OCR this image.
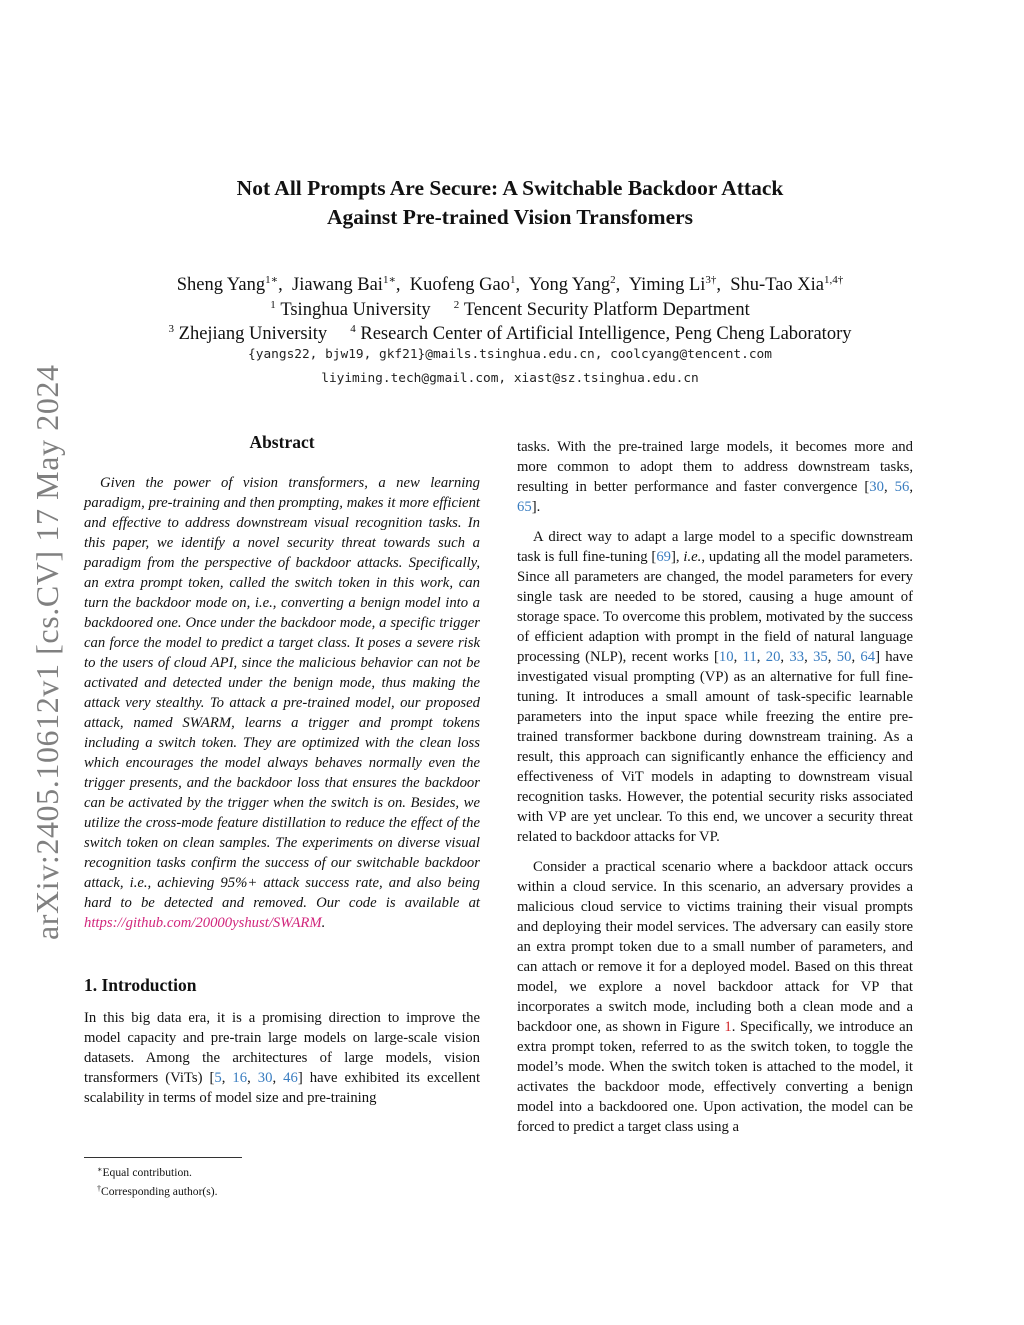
arXiv:2405.10612v1 [cs.CV] 17 May 2024
Not All Prompts Are Secure: A Switchable Backdoor Attack
Against Pre-trained Vision Transfomers
Sheng Yang$^{1∗}$,  Jiawang Bai$^{1∗}$,  Kuofeng Gao$^1$,  Yong Yang$^2$,  Yiming $Li^{3\dagger}$,  Shu-Tao Xia$^{1,4\dagger}$
$^1$ Tsinghua University $^2$ Tencent Security Platform Department
$^3$ Zhejiang University $^4$ Research Center of Artificial Intelligence, Peng Cheng Laboratory
{yangs22, bjw19, gkf21}@mails.tsinghua.edu.cn, coolcyang@tencent.com
liyiming.tech@gmail.com, xiast@sz.tsinghua.edu.cn
Abstract

Given the power of vision transformers, a new learning paradigm, pre-training and then prompting, makes it more efficient and effective to address downstream visual recognition tasks. In this paper, we identify a novel security threat towards such a paradigm from the perspective of backdoor attacks. Specifically, an extra prompt token, called the switch token in this work, can turn the backdoor mode on, i.e., converting a benign model into a backdoored one. Once under the backdoor mode, a specific trigger can force the model to predict a target class. It poses a severe risk to the users of cloud API, since the malicious behavior can not be activated and detected under the benign mode, thus making the attack very stealthy. To attack a pre-trained model, our proposed attack, named SWARM, learns a trigger and prompt tokens including a switch token. They are optimized with the clean loss which encourages the model always behaves normally even the trigger presents, and the backdoor loss that ensures the backdoor can be activated by the trigger when the switch is on. Besides, we utilize the cross-mode feature distillation to reduce the effect of the switch token on clean samples. The experiments on diverse visual recognition tasks confirm the success of our switchable backdoor attack, i.e., achieving 95%+ attack success rate, and also being hard to be detected and removed. Our code is available at https://github.com/20000yshust/SWARM.

1. Introduction

In this big data era, it is a promising direction to improve the model capacity and pre-train large models on large-scale vision datasets. Among the architectures of large models, vision transformers (ViTs) [5, 16, 30, 46] have exhibited its excellent scalability in terms of model size and pre-training

∗Equal contribution.
†Corresponding author(s).

tasks. With the pre-trained large models, it becomes more and more common to adopt them to address downstream tasks, resulting in better performance and faster convergence [30, 56, 65].

A direct way to adapt a large model to a specific downstream task is full fine-tuning [69], i.e., updating all the model parameters. Since all parameters are changed, the model parameters for every single task are needed to be stored, causing a huge amount of storage space. To overcome this problem, motivated by the success of efficient adaption with prompt in the field of natural language processing (NLP), recent works [10, 11, 20, 33, 35, 50, 64] have investigated visual prompting (VP) as an alternative for full fine-tuning. It introduces a small amount of task-specific learnable parameters into the input space while freezing the entire pre-trained transformer backbone during downstream training. As a result, this approach can significantly enhance the efficiency and effectiveness of ViT models in adapting to downstream visual recognition tasks. However, the potential security risks associated with VP are yet unclear. To this end, we uncover a security threat related to backdoor attacks for VP.

Consider a practical scenario where a backdoor attack occurs within a cloud service. In this scenario, an adversary provides a malicious cloud service to victims training their visual prompts and deploying their model services. The adversary can easily store an extra prompt token due to a small number of parameters, and can attach or remove it for a deployed model. Based on this threat model, we explore a novel backdoor attack for VP that incorporates a switch mode, including both a clean mode and a backdoor one, as shown in Figure 1. Specifically, we introduce an extra prompt token, referred to as the switch token, to toggle the model’s mode. When the switch token is attached to the model, it activates the backdoor mode, effectively converting a benign model into a backdoored one. Upon activation, the model can be forced to predict a target class using a
